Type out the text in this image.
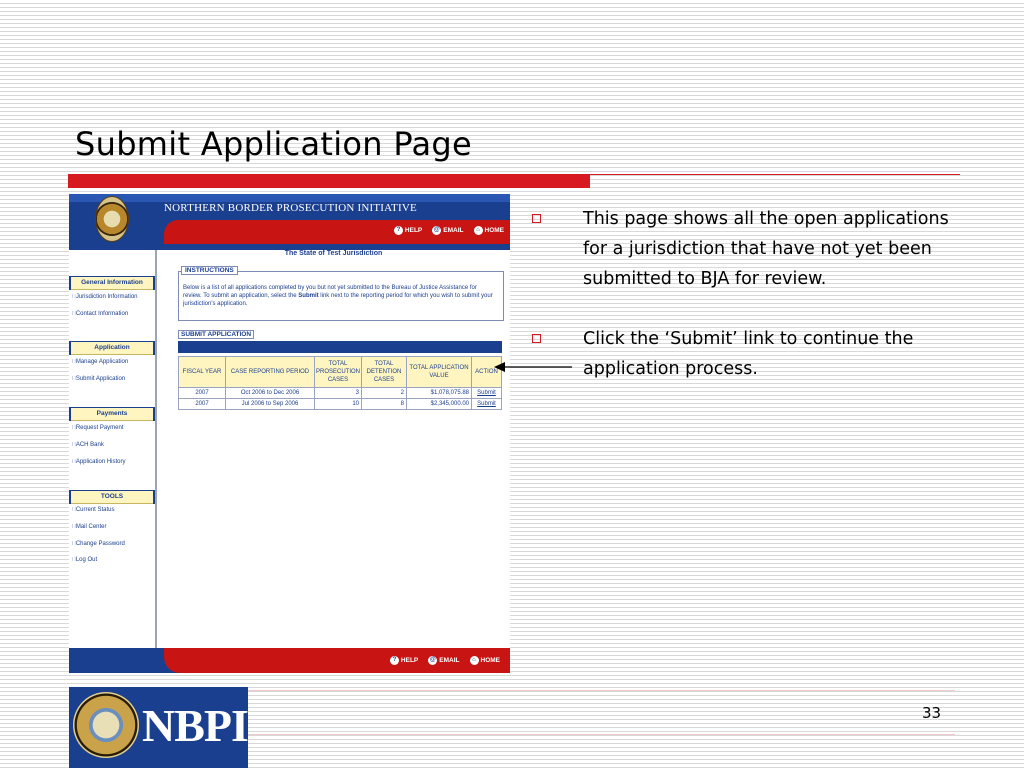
Submit Application Page
NORTHERN BORDER PROSECUTION INITIATIVE
? HELP @ EMAIL	⌂ HOME
General Information
∷ Jurisdiction Information
∷ Contact Information
Application
∷ Manage Application
∷ Submit Application
Payments
∷ Request Payment
∷ ACH Bank
∷ Application History
TOOLS
∷ Current Status
∷ Mail Center
∷ Change Password
∷ Log Out
The State of Test Jurisdiction
INSTRUCTIONS
Below is a list of all applications completed by you but not yet submitted to the Bureau of Justice Assistance for review. To submit an application, select the Submit link next to the reporting period for which you wish to submit your jurisdiction's application.
SUBMIT APPLICATION
FISCAL YEAR	CASE REPORTING PERIOD	TOTAL PROSECUTION CASES	TOTAL DETENTION CASES	TOTAL APPLICATION VALUE	ACTION
2007	Oct 2006 to Dec 2006	3	2	$1,078,075.88	Submit
2007	Jul 2006 to Sep 2006	10	8	$2,345,000.00	Submit
? HELP @ EMAIL	⌂ HOME
This page shows all the open applications for a jurisdiction that have not yet been submitted to BJA for review.
Click the ‘Submit’ link to continue the application process.
NBPI	33
